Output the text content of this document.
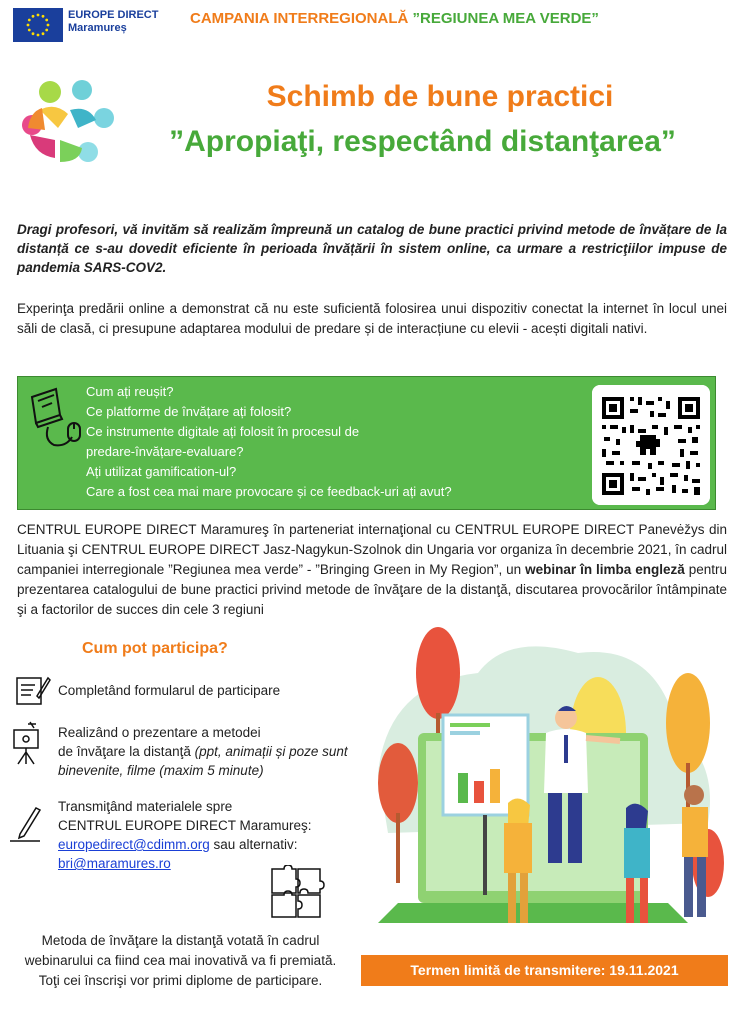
EUROPE DIRECT
Maramureș
CAMPANIA INTERREGIONALĂ ”REGIUNEA MEA VERDE”
Schimb de bune practici
”Apropiaţi, respectând distanţarea”
Dragi profesori, vă invităm să realizăm împreună un catalog de bune practici privind metode de învățare de la distanță ce s-au dovedit eficiente în perioada învățării în sistem online, ca urmare a restricţiilor impuse de pandemia SARS-COV2.
Experinţa predării online a demonstrat că nu este suficientă folosirea unui dispozitiv conectat la internet în locul unei săli de clasă, ci presupune adaptarea modului de predare și de interacțiune cu elevii - acești digitali nativi.
Cum ați reușit?
Ce platforme de învățare ați folosit?
Ce instrumente digitale ați folosit în procesul de
predare-învățare-evaluare?
Ați utilizat gamification-ul?
Care a fost cea mai mare provocare și ce feedback-uri ați avut?
CENTRUL EUROPE DIRECT Maramureş în parteneriat internaţional cu CENTRUL EUROPE DIRECT Panevėžys din Lituania şi CENTRUL EUROPE DIRECT Jasz-Nagykun-Szolnok din Ungaria vor organiza în decembrie 2021, în cadrul campaniei interregionale ”Regiunea mea verde” - ”Bringing Green in My Region”, un webinar în limba engleză pentru prezentarea catalogului de bune practici privind metode de învăţare de la distanţă, discutarea provocărilor întâmpinate şi a factorilor de succes din cele 3 regiuni
Cum pot participa?
Completând formularul de participare
Realizând o prezentare a metodei
de învăţare la distanţă (ppt, animații și poze sunt binevenite, filme (maxim 5 minute)
Transmiţând materialele spre
CENTRUL EUROPE DIRECT Maramureş:
europedirect@cdimm.org sau alternativ:
bri@maramures.ro
Metoda de învăţare la distanţă votată în cadrul webinarului ca fiind cea mai inovativă va fi premiată.
Toţi cei înscrişi vor primi diplome de participare.
Termen limită de transmitere: 19.11.2021
